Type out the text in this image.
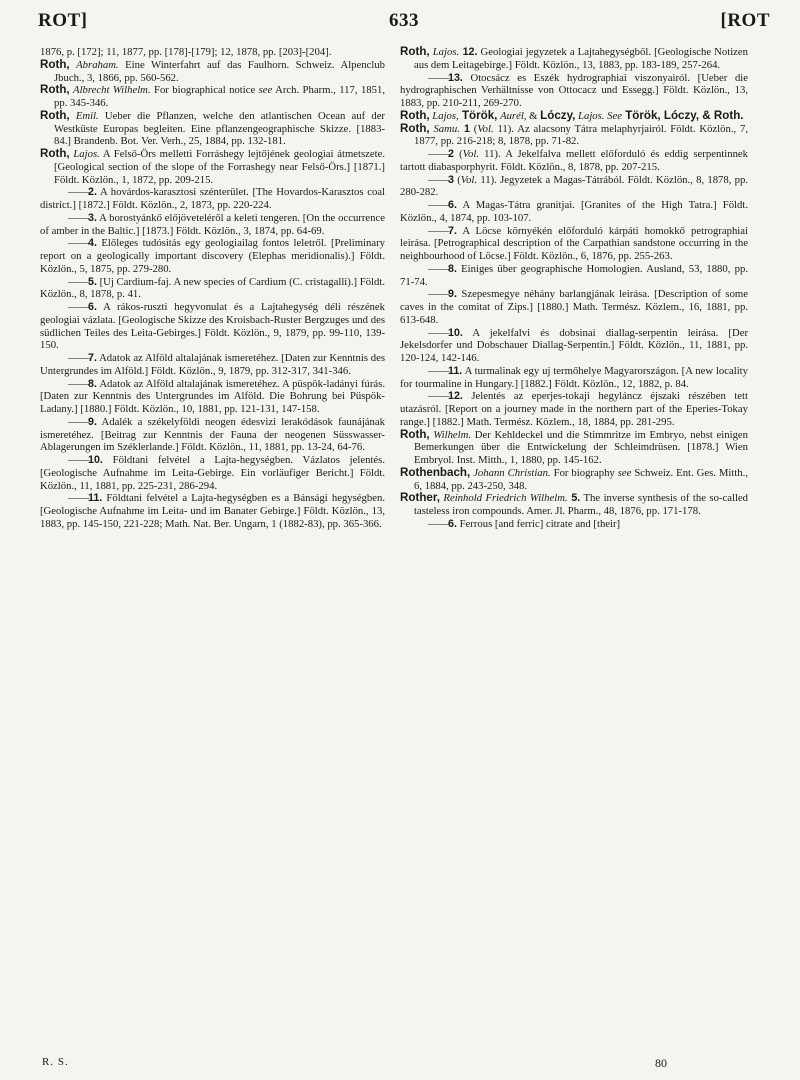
ROT]	633	[ROT

1876, p. [172]; 11, 1877, pp. [178]-[179]; 12, 1878, pp. [203]-[204].

Roth, Abraham. Eine Winterfahrt auf das Faulhorn. Schweiz. Alpenclub Jbuch., 3, 1866, pp. 560-562.

Roth, Albrecht Wilhelm. For biographical notice see Arch. Pharm., 117, 1851, pp. 345-346.

Roth, Emil. Ueber die Pflanzen, welche den atlantischen Ocean auf der Westküste Europas begleiten. Eine pflanzengeographische Skizze. [1883-84.] Brandenb. Bot. Ver. Verh., 25, 1884, pp. 132-181.

Roth, Lajos. A Felső-Örs melletti Forráshegy lejtőjének geologiai átmetszete. [Geological section of the slope of the Forrashegy near Felső-Örs.] [1871.] Földt. Közlön., 1, 1872, pp. 209-215.

——2. A hovárdos-karasztosi szénterület. [The Hovardos-Karasztos coal district.] [1872.] Földt. Közlön., 2, 1873, pp. 220-224.

——3. A borostyánkő előjöveteléről a keleti tengeren. [On the occurrence of amber in the Baltic.] [1873.] Földt. Közlön., 3, 1874, pp. 64-69.

——4. Előleges tudósitás egy geologiailag fontos leletről. [Preliminary report on a geologically important discovery (Elephas meridionalis).] Földt. Közlön., 5, 1875, pp. 279-280.

——5. [Uj Cardium-faj. A new species of Cardium (C. cristagalli).] Földt. Közlön., 8, 1878, p. 41.

——6. A rákos-ruszti hegyvonulat és a Lajtahegység déli részének geologiai vázlata. [Geologische Skizze des Kroisbach-Ruster Bergzuges und des südlichen Teiles des Leita-Gebirges.] Földt. Közlön., 9, 1879, pp. 99-110, 139-150.

——7. Adatok az Alföld altalajának ismeretéhez. [Daten zur Kenntnis des Untergrundes im Alföld.] Földt. Közlön., 9, 1879, pp. 312-317, 341-346.

——8. Adatok az Alföld altalajának ismeretéhez. A püspök-ladányi fúrás. [Daten zur Kenntnis des Untergrundes im Alföld. Die Bohrung bei Püspök-Ladany.] [1880.] Földt. Közlön., 10, 1881, pp. 121-131, 147-158.

——9. Adalék a székelyföldi neogen édesvizi lerakódások faunájának ismeretéhez. [Beitrag zur Kenntnis der Fauna der neogenen Süsswasser-Ablagerungen im Széklerlande.] Földt. Közlön., 11, 1881, pp. 13-24, 64-76.

——10. Földtani felvétel a Lajta-hegységben. Vázlatos jelentés. [Geologische Aufnahme im Leita-Gebirge. Ein vorläufiger Bericht.] Földt. Közlön., 11, 1881, pp. 225-231, 286-294.

——11. Földtani felvétel a Lajta-hegységben es a Bánsági hegységben. [Geologische Aufnahme im Leita- und im Banater Gebirge.] Földt. Közlön., 13, 1883, pp. 145-150, 221-228; Math. Nat. Ber. Ungarn, 1 (1882-83), pp. 365-366.

Roth, Lajos. 12. Geologiai jegyzetek a Lajtahegységből. [Geologische Notizen aus dem Leitagebirge.] Földt. Közlön., 13, 1883, pp. 183-189, 257-264.

——13. Otocsácz es Eszék hydrographiai viszonyairól. [Ueber die hydrographischen Verhältnisse von Ottocacz und Essegg.] Földt. Közlön., 13, 1883, pp. 210-211, 269-270.

Roth, Lajos, Török, Aurél, & Lóczy, Lajos. See Török, Lóczy, & Roth.

Roth, Samu. 1 (Vol. 11). Az alacsony Tátra melaphyrjairól. Földt. Közlön., 7, 1877, pp. 216-218; 8, 1878, pp. 71-82.

——2 (Vol. 11). A Jekelfalva mellett előforduló és eddig serpentinnek tartott diabasporphyrit. Földt. Közlön., 8, 1878, pp. 207-215.

——3 (Vol. 11). Jegyzetek a Magas-Tátrából. Földt. Közlön., 8, 1878, pp. 280-282.

——6. A Magas-Tátra granitjai. [Granites of the High Tatra.] Földt. Közlön., 4, 1874, pp. 103-107.

——7. A Löcse környékén előforduló kárpáti homokkő petrographiai leirása. [Petrographical description of the Carpathian sandstone occurring in the neighbourhood of Löcse.] Földt. Közlön., 6, 1876, pp. 255-263.

——8. Einiges über geographische Homologien. Ausland, 53, 1880, pp. 71-74.

——9. Szepesmegye néhány barlangjának leirása. [Description of some caves in the comitat of Zips.] [1880.] Math. Termész. Közlem., 16, 1881, pp. 613-648.

——10. A jekelfalvi és dobsinai diallag-serpentin leirása. [Der Jekelsdorfer und Dobschauer Diallag-Serpentin.] Földt. Közlön., 11, 1881, pp. 120-124, 142-146.

——11. A turmalinak egy uj termőhelye Magyarországon. [A new locality for tourmaline in Hungary.] [1882.] Földt. Közlön., 12, 1882, p. 84.

——12. Jelentés az eperjes-tokaji hegyláncz éjszaki részében tett utazásról. [Report on a journey made in the northern part of the Eperies-Tokay range.] [1882.] Math. Termész. Közlem., 18, 1884, pp. 281-295.

Roth, Wilhelm. Der Kehldeckel und die Stimmritze im Embryo, nebst einigen Bemerkungen über die Entwickelung der Schleimdrüsen. [1878.] Wien Embryol. Inst. Mitth., 1, 1880, pp. 145-162.

Rothenbach, Johann Christian. For biography see Schweiz. Ent. Ges. Mitth., 6, 1884, pp. 243-250, 348.

Rother, Reinhold Friedrich Wilhelm. 5. The inverse synthesis of the so-called tasteless iron compounds. Amer. Jl. Pharm., 48, 1876, pp. 171-178.

——6. Ferrous [and ferric] citrate and [their]

R. S.	80
